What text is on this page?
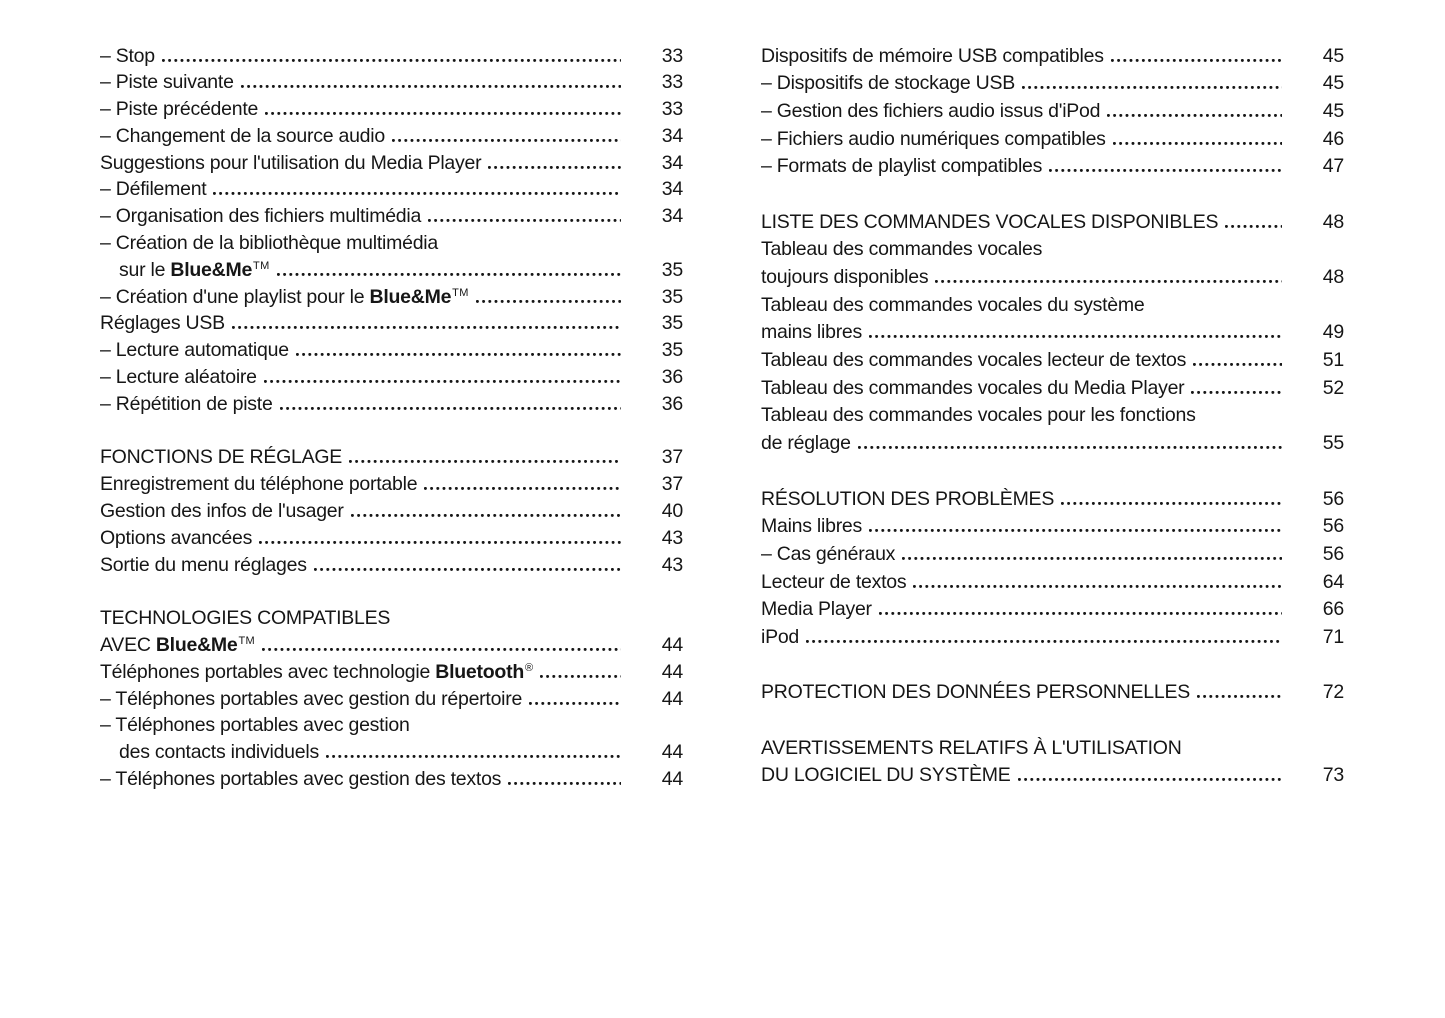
– Stop	33
– Piste suivante	33
– Piste précédente	33
– Changement de la source audio	34
Suggestions pour l'utilisation du Media Player	34
– Défilement	34
– Organisation des fichiers multimédia	34
– Création de la bibliothèque multimédia
sur le Blue&Me™	35
– Création d'une playlist pour le Blue&Me™	35
Réglages USB	35
– Lecture automatique	35
– Lecture aléatoire	36
– Répétition de piste	36
FONCTIONS DE RÉGLAGE	37
Enregistrement du téléphone portable	37
Gestion des infos de l'usager	40
Options avancées	43
Sortie du menu réglages	43
TECHNOLOGIES COMPATIBLES
AVEC Blue&Me™	44
Téléphones portables avec technologie Bluetooth®	44
– Téléphones portables avec gestion du répertoire	44
– Téléphones portables avec gestion
des contacts individuels	44
– Téléphones portables avec gestion des textos	44
Dispositifs de mémoire USB compatibles	45
– Dispositifs de stockage USB	45
– Gestion des fichiers audio issus d'iPod	45
– Fichiers audio numériques compatibles	46
– Formats de playlist compatibles	47
LISTE DES COMMANDES VOCALES DISPONIBLES	48
Tableau des commandes vocales
toujours disponibles	48
Tableau des commandes vocales du système
mains libres	49
Tableau des commandes vocales lecteur de textos	51
Tableau des commandes vocales du Media Player	52
Tableau des commandes vocales pour les fonctions
de réglage	55
RÉSOLUTION DES PROBLÈMES	56
Mains libres	56
– Cas généraux	56
Lecteur de textos	64
Media Player	66
iPod	71
PROTECTION DES DONNÉES PERSONNELLES	72
AVERTISSEMENTS RELATIFS À L'UTILISATION
DU LOGICIEL DU SYSTÈME	73
